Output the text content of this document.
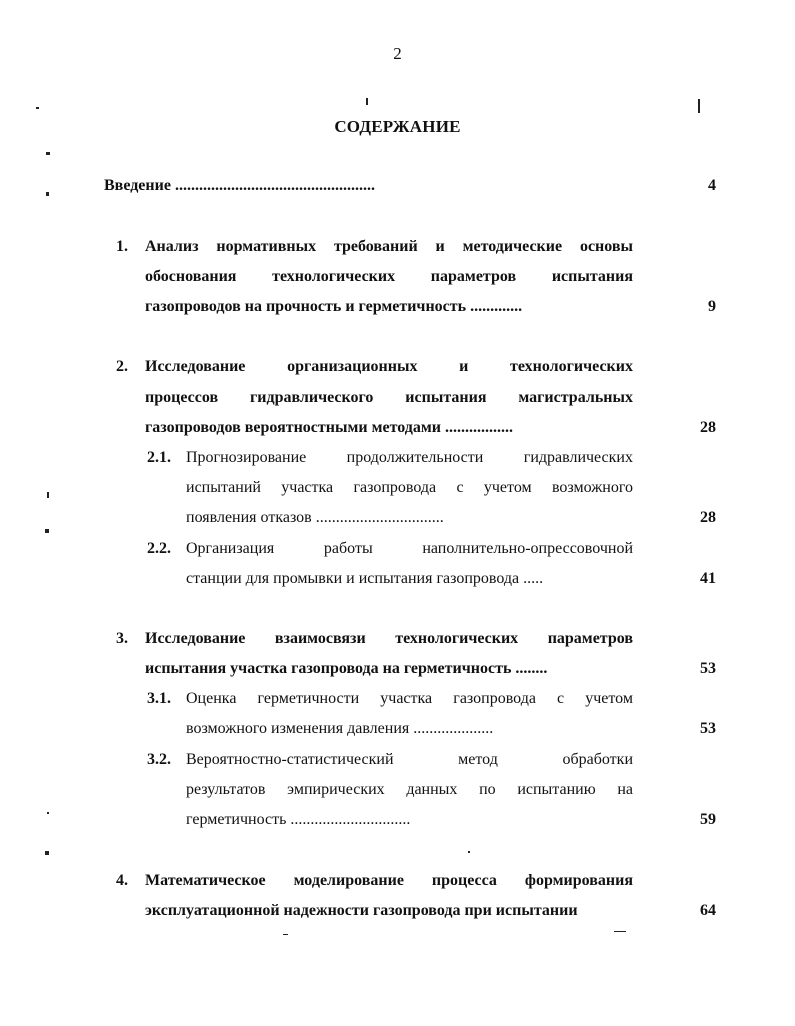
2
СОДЕРЖАНИЕ
Введение ..................................................	4
1. Анализ нормативных требований и методические основы
обоснования технологических параметров испытания
газопроводов на прочность и герметичность .............	9
2. Исследование организационных и технологических
процессов гидравлического испытания магистральных
газопроводов вероятностными методами .................	28
2.1. Прогнозирование продолжительности гидравлических
испытаний участка газопровода с учетом возможного
появления отказов ................................	28
2.2. Организация работы наполнительно-опрессовочной
станции для промывки и испытания газопровода .....	41
3. Исследование взаимосвязи технологических параметров
испытания участка газопровода на герметичность ........	53
3.1. Оценка герметичности участка газопровода с учетом
возможного изменения давления ....................	53
3.2. Вероятностно-статистический метод обработки
результатов эмпирических данных по испытанию на
герметичность ..............................	59
4. Математическое моделирование процесса формирования
эксплуатационной надежности газопровода при испытании	64
